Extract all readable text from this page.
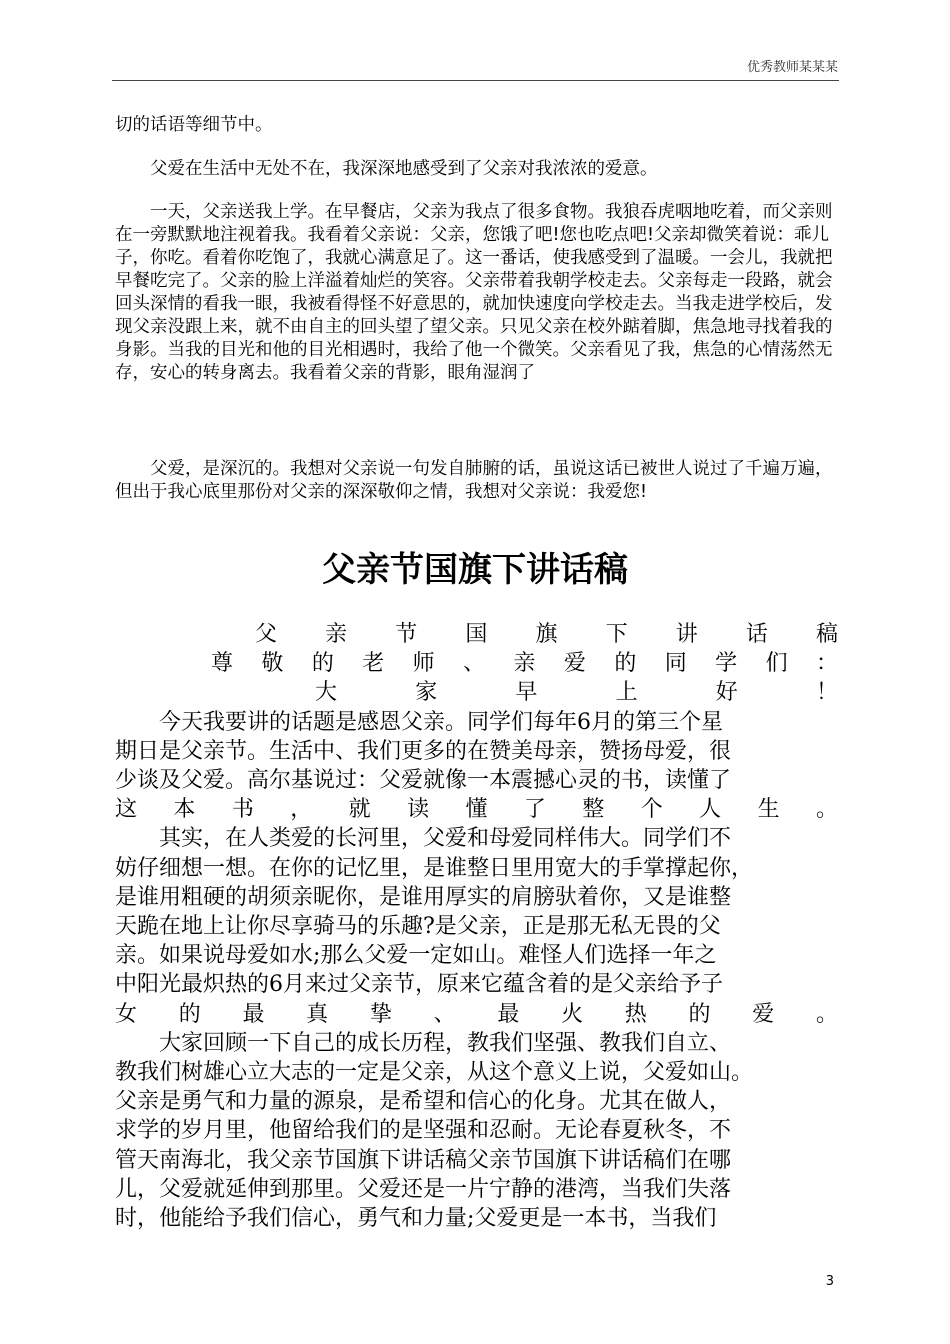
优秀教师某某某

切的话语等细节中。

父爱在生活中无处不在，我深深地感受到了父亲对我浓浓的爱意。

一天，父亲送我上学。在早餐店，父亲为我点了很多食物。我狼吞虎咽地吃着，而父亲则在一旁默默地注视着我。我看着父亲说：父亲，您饿了吧!您也吃点吧!父亲却微笑着说：乖儿子，你吃。看着你吃饱了，我就心满意足了。这一番话，使我感受到了温暖。一会儿，我就把早餐吃完了。父亲的脸上洋溢着灿烂的笑容。父亲带着我朝学校走去。父亲每走一段路，就会回头深情的看我一眼，我被看得怪不好意思的，就加快速度向学校走去。当我走进学校后，发现父亲没跟上来，就不由自主的回头望了望父亲。只见父亲在校外踮着脚，焦急地寻找着我的身影。当我的目光和他的目光相遇时，我给了他一个微笑。父亲看见了我，焦急的心情荡然无存，安心的转身离去。我看着父亲的背影，眼角湿润了

父爱，是深沉的。我想对父亲说一句发自肺腑的话，虽说这话已被世人说过了千遍万遍，但出于我心底里那份对父亲的深深敬仰之情，我想对父亲说：我爱您!

父亲节国旗下讲话稿
父亲节国旗下讲话稿
尊敬的老师、亲爱的同学们：
大家早上好！
今天我要讲的话题是感恩父亲。同学们每年6月的第三个星
期日是父亲节。生活中、我们更多的在赞美母亲，赞扬母爱，很
少谈及父爱。高尔基说过：父爱就像一本震撼心灵的书，读懂了
这本书，就读懂了整个人生。
其实，在人类爱的长河里，父爱和母爱同样伟大。同学们不
妨仔细想一想。在你的记忆里，是谁整日里用宽大的手掌撑起你，
是谁用粗硬的胡须亲昵你，是谁用厚实的肩膀驮着你，又是谁整
天跪在地上让你尽享骑马的乐趣?是父亲，正是那无私无畏的父
亲。如果说母爱如水;那么父爱一定如山。难怪人们选择一年之
中阳光最炽热的6月来过父亲节，原来它蕴含着的是父亲给予子
女的最真挚、最火热的爱。
大家回顾一下自己的成长历程，教我们坚强、教我们自立、
教我们树雄心立大志的一定是父亲，从这个意义上说，父爱如山。
父亲是勇气和力量的源泉，是希望和信心的化身。尤其在做人，
求学的岁月里，他留给我们的是坚强和忍耐。无论春夏秋冬，不
管天南海北，我父亲节国旗下讲话稿父亲节国旗下讲话稿们在哪
儿，父爱就延伸到那里。父爱还是一片宁静的港湾，当我们失落
时，他能给予我们信心，勇气和力量;父爱更是一本书，当我们
3
